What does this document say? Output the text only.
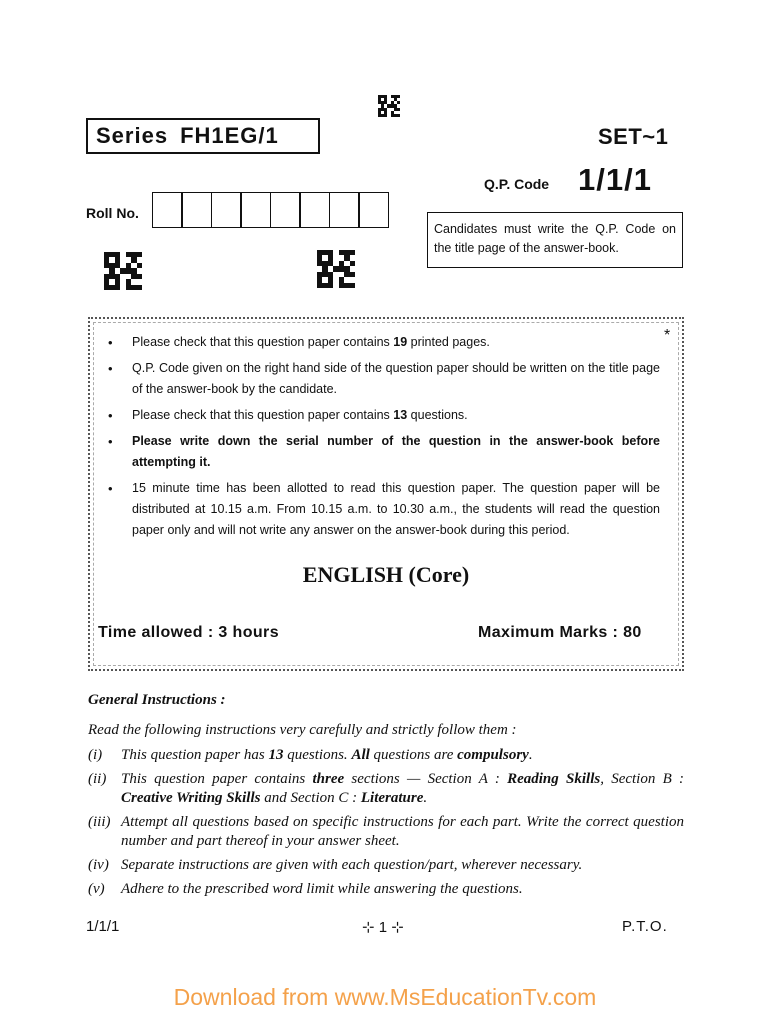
Series FH1EG/1	SET~1
Q.P. Code 1/1/1
Roll No.
Candidates must write the Q.P. Code on the title page of the answer-book.
*
•	Please check that this question paper contains 19 printed pages.
•	Q.P. Code given on the right hand side of the question paper should be written on the title page of the answer-book by the candidate.
•	Please check that this question paper contains 13 questions.
•	Please write down the serial number of the question in the answer-book before attempting it.
•	15 minute time has been allotted to read this question paper. The question paper will be distributed at 10.15 a.m. From 10.15 a.m. to 10.30 a.m., the students will read the question paper only and will not write any answer on the answer-book during this period.
ENGLISH (Core)
Time allowed : 3 hours	Maximum Marks : 80
General Instructions :
Read the following instructions very carefully and strictly follow them :
(i)	This question paper has 13 questions. All questions are compulsory.
(ii) This question paper contains three sections — Section A : Reading Skills, Section B : Creative Writing Skills and Section C : Literature.
(iii) Attempt all questions based on specific instructions for each part. Write the correct question number and part thereof in your answer sheet.
(iv) Separate instructions are given with each question/part, wherever necessary.
(v)	Adhere to the prescribed word limit while answering the questions.
1/1/1	⊹ 1 ⊹	P.T.O.
Download from www.MsEducationTv.com
